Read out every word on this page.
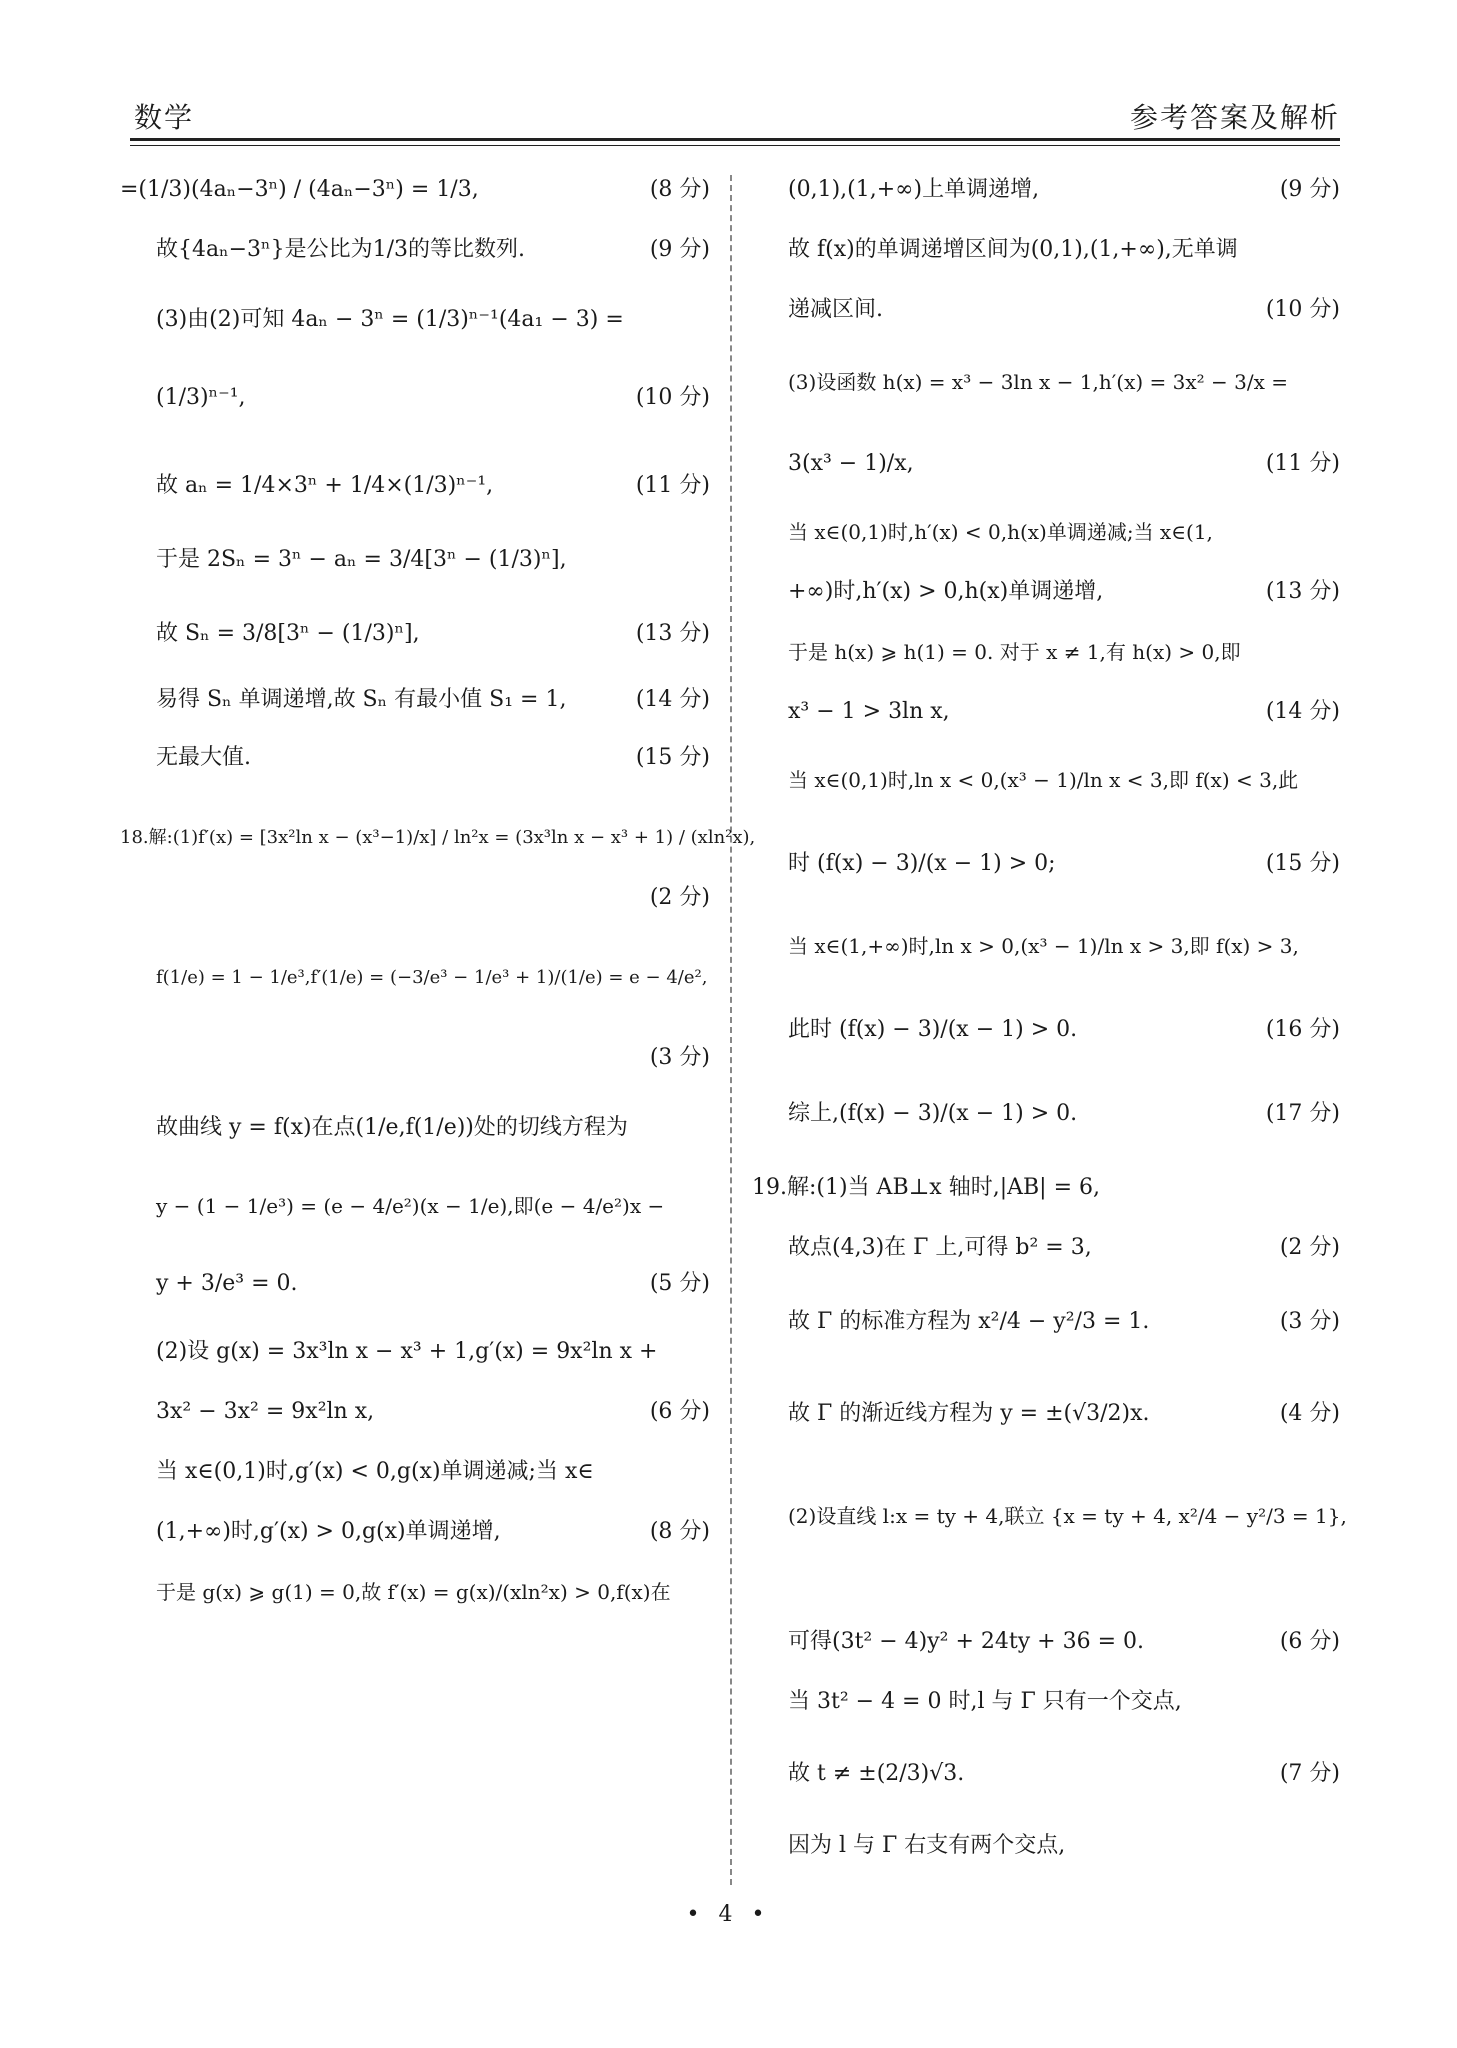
数学	参考答案及解析
=(1/3)(4aₙ−3ⁿ) / (4aₙ−3ⁿ) = 1/3,	(8 分)
故{4aₙ−3ⁿ}是公比为1/3的等比数列.	(9 分)
(3)由(2)可知 4aₙ − 3ⁿ = (1/3)ⁿ⁻¹(4a₁ − 3) =
(1/3)ⁿ⁻¹,	(10 分)
故 aₙ = 1/4×3ⁿ + 1/4×(1/3)ⁿ⁻¹,	(11 分)
于是 2Sₙ = 3ⁿ − aₙ = 3/4[3ⁿ − (1/3)ⁿ],
故 Sₙ = 3/8[3ⁿ − (1/3)ⁿ],	(13 分)
易得 Sₙ 单调递增,故 Sₙ 有最小值 S₁ = 1,	(14 分)
无最大值.	(15 分)
18.解:(1)f′(x) = [3x²ln x − (x³−1)/x] / ln²x = (3x³ln x − x³ + 1) / (xln²x),
(2 分)
f(1/e) = 1 − 1/e³,f′(1/e) = (−3/e³ − 1/e³ + 1)/(1/e) = e − 4/e²,
(3 分)
故曲线 y = f(x)在点(1/e,f(1/e))处的切线方程为
y − (1 − 1/e³) = (e − 4/e²)(x − 1/e),即(e − 4/e²)x −
y + 3/e³ = 0.	(5 分)
(2)设 g(x) = 3x³ln x − x³ + 1,g′(x) = 9x²ln x +
3x² − 3x² = 9x²ln x,	(6 分)
当 x∈(0,1)时,g′(x) < 0,g(x)单调递减;当 x∈
(1,+∞)时,g′(x) > 0,g(x)单调递增,	(8 分)
于是 g(x) ⩾ g(1) = 0,故 f′(x) = g(x)/(xln²x) > 0,f(x)在
(0,1),(1,+∞)上单调递增,	(9 分)
故 f(x)的单调递增区间为(0,1),(1,+∞),无单调
递减区间.	(10 分)
(3)设函数 h(x) = x³ − 3ln x − 1,h′(x) = 3x² − 3/x =
3(x³ − 1)/x,	(11 分)
当 x∈(0,1)时,h′(x) < 0,h(x)单调递减;当 x∈(1,
+∞)时,h′(x) > 0,h(x)单调递增,	(13 分)
于是 h(x) ⩾ h(1) = 0. 对于 x ≠ 1,有 h(x) > 0,即
x³ − 1 > 3ln x,	(14 分)
当 x∈(0,1)时,ln x < 0,(x³ − 1)/ln x < 3,即 f(x) < 3,此
时 (f(x) − 3)/(x − 1) > 0;	(15 分)
当 x∈(1,+∞)时,ln x > 0,(x³ − 1)/ln x > 3,即 f(x) > 3,
此时 (f(x) − 3)/(x − 1) > 0.	(16 分)
综上,(f(x) − 3)/(x − 1) > 0.	(17 分)
19.解:(1)当 AB⊥x 轴时,|AB| = 6,
故点(4,3)在 Γ 上,可得 b² = 3,	(2 分)
故 Γ 的标准方程为 x²/4 − y²/3 = 1.	(3 分)
故 Γ 的渐近线方程为 y = ±(√3/2)x.	(4 分)
(2)设直线 l:x = ty + 4,联立 {x = ty + 4, x²/4 − y²/3 = 1},
可得(3t² − 4)y² + 24ty + 36 = 0.	(6 分)
当 3t² − 4 = 0 时,l 与 Γ 只有一个交点,
故 t ≠ ±(2/3)√3.	(7 分)
因为 l 与 Γ 右支有两个交点,
• 4 •
